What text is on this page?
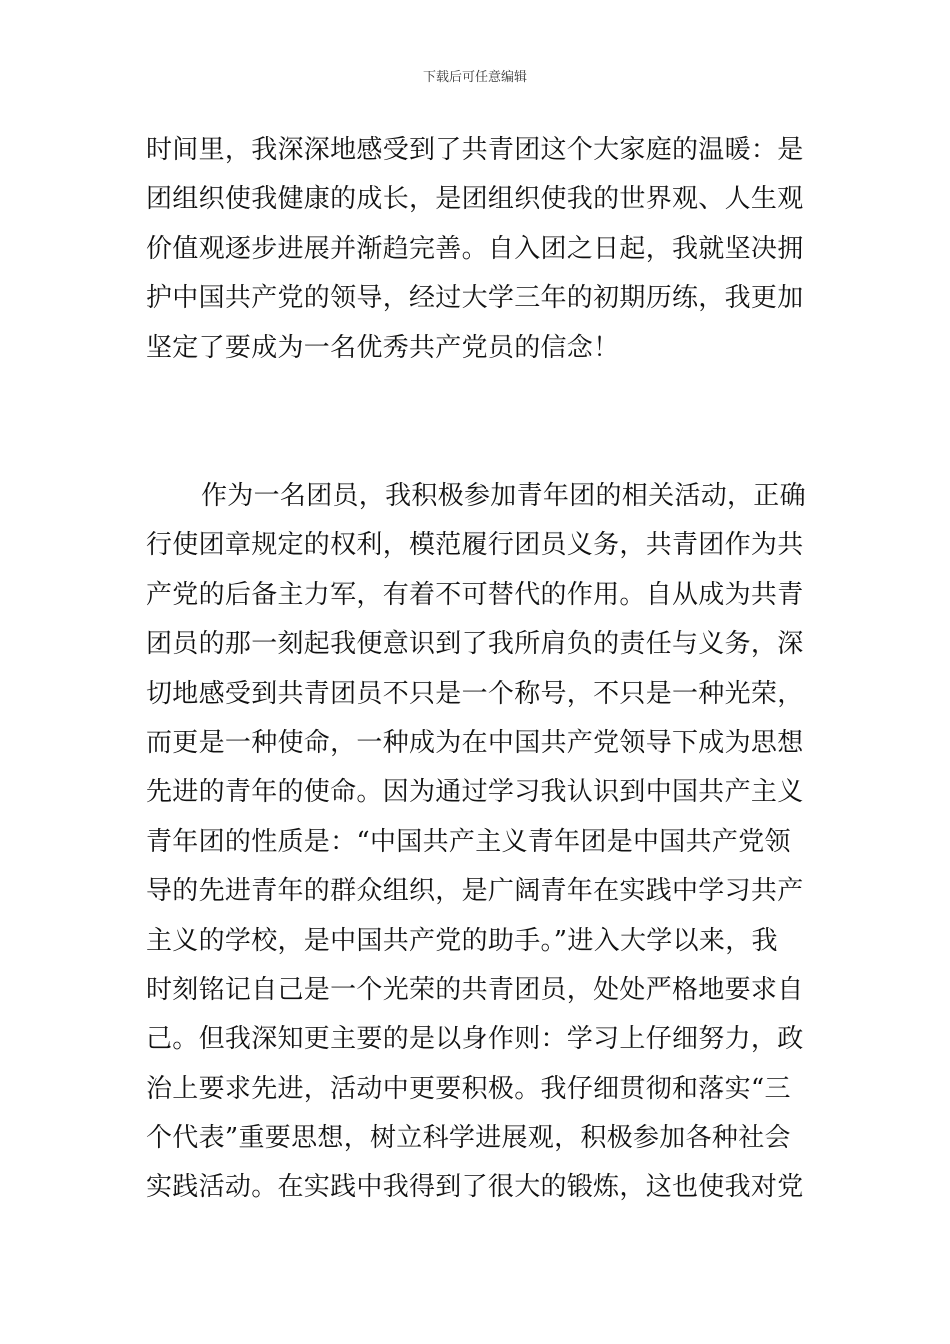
下载后可任意编辑
时间里，我深深地感受到了共青团这个大家庭的温暖：是
团组织使我健康的成长，是团组织使我的世界观、人生观
价值观逐步进展并渐趋完善。自入团之日起，我就坚决拥
护中国共产党的领导，经过大学三年的初期历练，我更加
坚定了要成为一名优秀共产党员的信念！
作为一名团员，我积极参加青年团的相关活动，正确
行使团章规定的权利，模范履行团员义务，共青团作为共
产党的后备主力军，有着不可替代的作用。自从成为共青
团员的那一刻起我便意识到了我所肩负的责任与义务，深
切地感受到共青团员不只是一个称号，不只是一种光荣，
而更是一种使命，一种成为在中国共产党领导下成为思想
先进的青年的使命。因为通过学习我认识到中国共产主义
青年团的性质是：“中国共产主义青年团是中国共产党领
导的先进青年的群众组织，是广阔青年在实践中学习共产
主义的学校，是中国共产党的助手。”进入大学以来，我
时刻铭记自己是一个光荣的共青团员，处处严格地要求自
己。但我深知更主要的是以身作则：学习上仔细努力，政
治上要求先进，活动中更要积极。我仔细贯彻和落实“三
个代表”重要思想，树立科学进展观，积极参加各种社会
实践活动。在实践中我得到了很大的锻炼，这也使我对党
